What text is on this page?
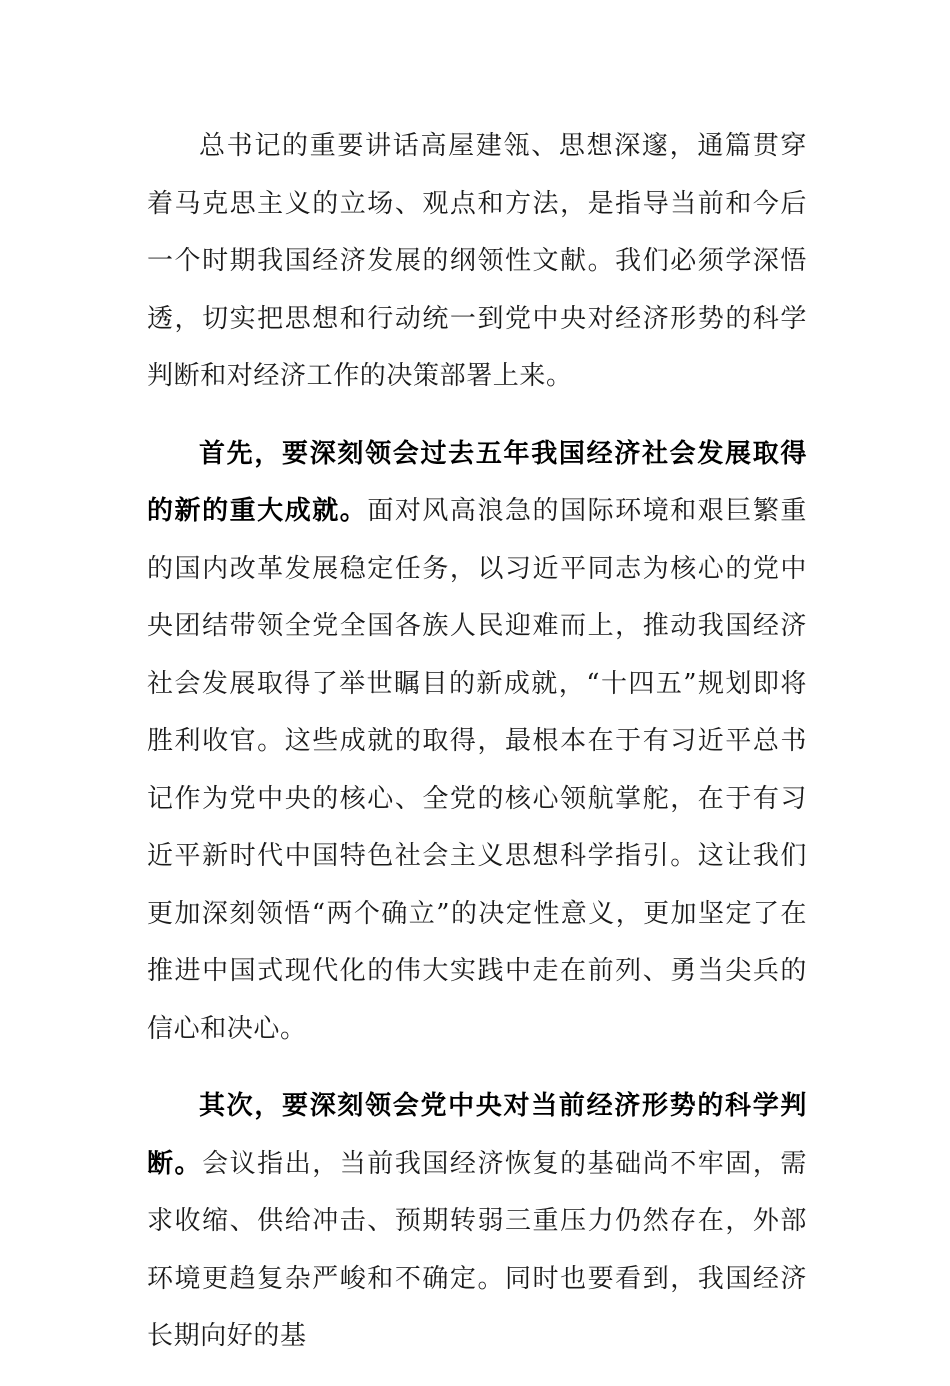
总书记的重要讲话高屋建瓴、思想深邃，通篇贯穿着马克思主义的立场、观点和方法，是指导当前和今后一个时期我国经济发展的纲领性文献。我们必须学深悟透，切实把思想和行动统一到党中央对经济形势的科学判断和对经济工作的决策部署上来。

首先，要深刻领会过去五年我国经济社会发展取得的新的重大成就。面对风高浪急的国际环境和艰巨繁重的国内改革发展稳定任务，以习近平同志为核心的党中央团结带领全党全国各族人民迎难而上，推动我国经济社会发展取得了举世瞩目的新成就，“十四五”规划即将胜利收官。这些成就的取得，最根本在于有习近平总书记作为党中央的核心、全党的核心领航掌舵，在于有习近平新时代中国特色社会主义思想科学指引。这让我们更加深刻领悟“两个确立”的决定性意义，更加坚定了在推进中国式现代化的伟大实践中走在前列、勇当尖兵的信心和决心。

其次，要深刻领会党中央对当前经济形势的科学判断。会议指出，当前我国经济恢复的基础尚不牢固，需求收缩、供给冲击、预期转弱三重压力仍然存在，外部环境更趋复杂严峻和不确定。同时也要看到，我国经济长期向好的基
